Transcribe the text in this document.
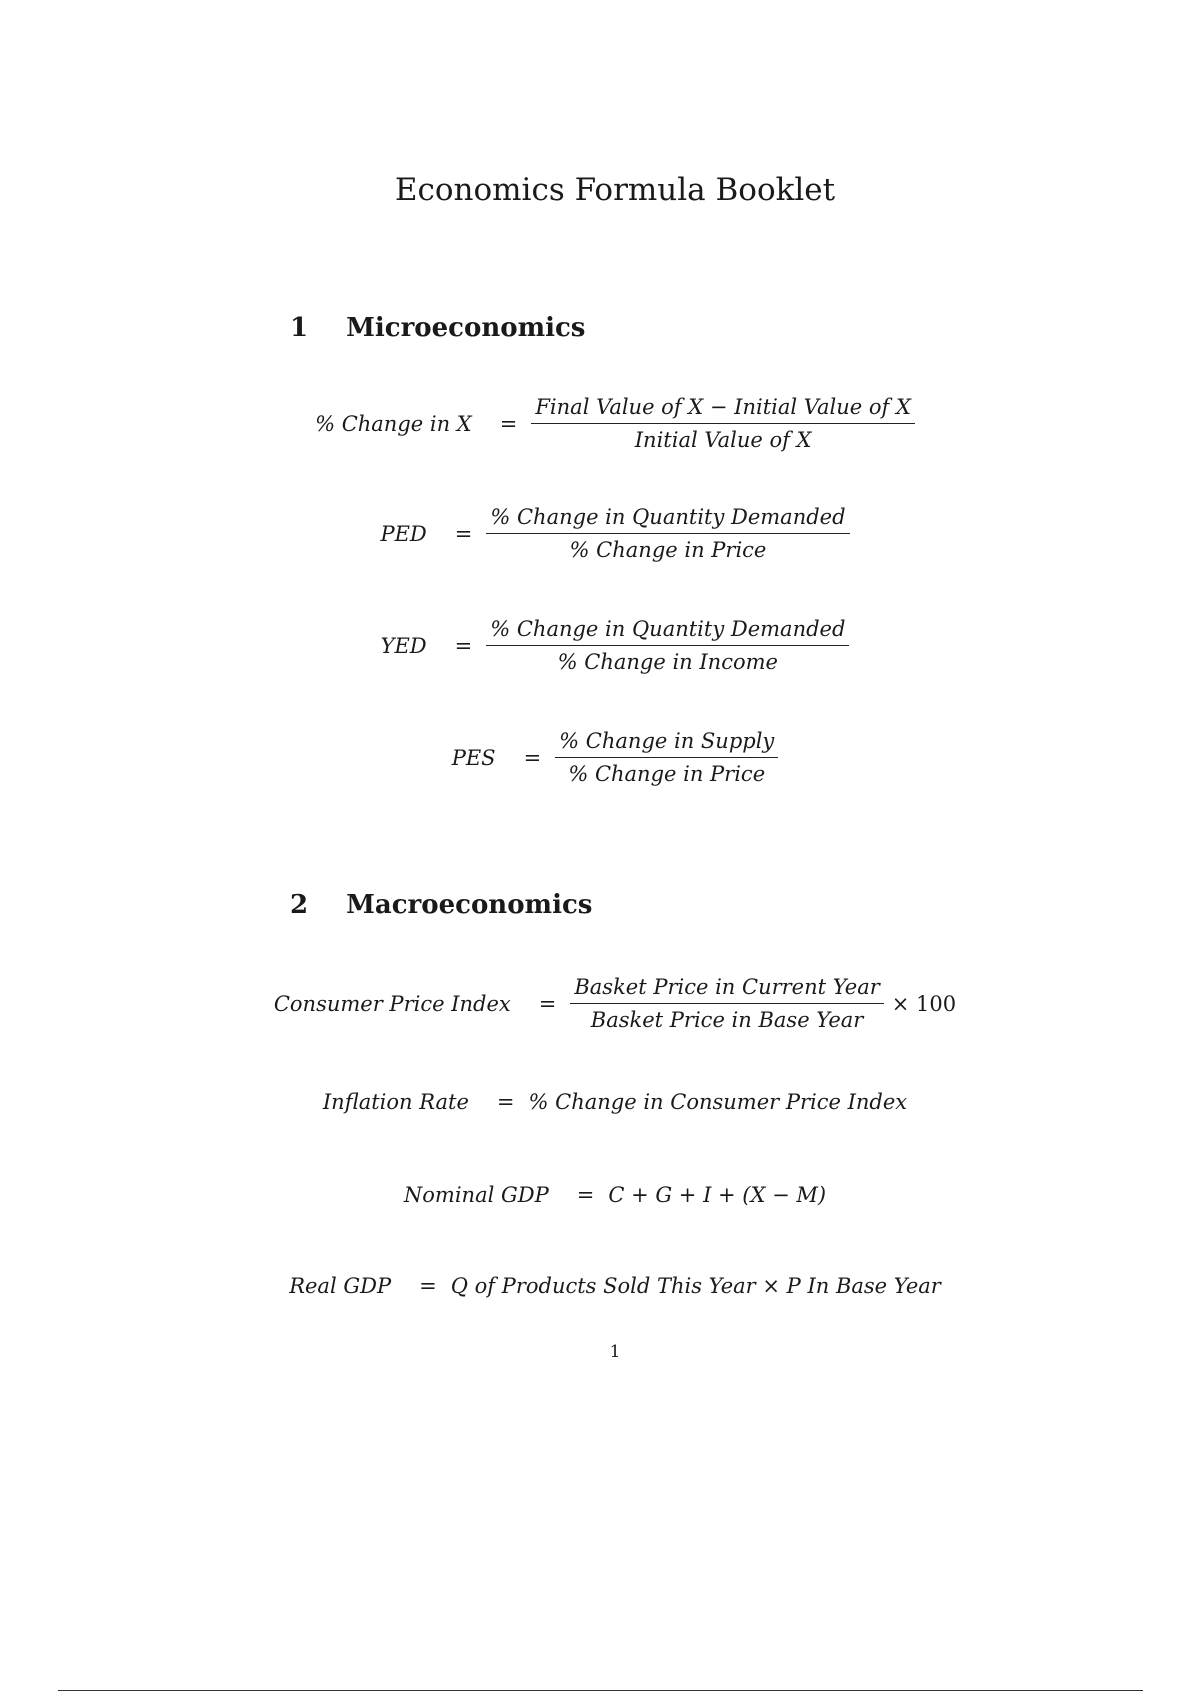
Economics Formula Booklet
1 Microeconomics
% Change in $X = \frac{\text{Final Value of X − Initial Value of X}}{\text{Initial Value of X}}$
PED = $\frac{\text{\% Change in Quantity Demanded}}{\text{\% Change in Price}}$
YED = $\frac{\text{\% Change in Quantity Demanded}}{\text{\% Change in Income}}$
PES = $\frac{\text{\% Change in Supply}}{\text{\% Change in Price}}$
2 Macroeconomics
Consumer Price Index = $\frac{\text{Basket Price in Current Year}}{\text{Basket Price in Base Year}} \times 100$
Inflation Rate = % Change in Consumer Price Index
Nominal GDP = C + G + I + (X − M)
Real GDP = Q of Products Sold This Year × P In Base Year
1
